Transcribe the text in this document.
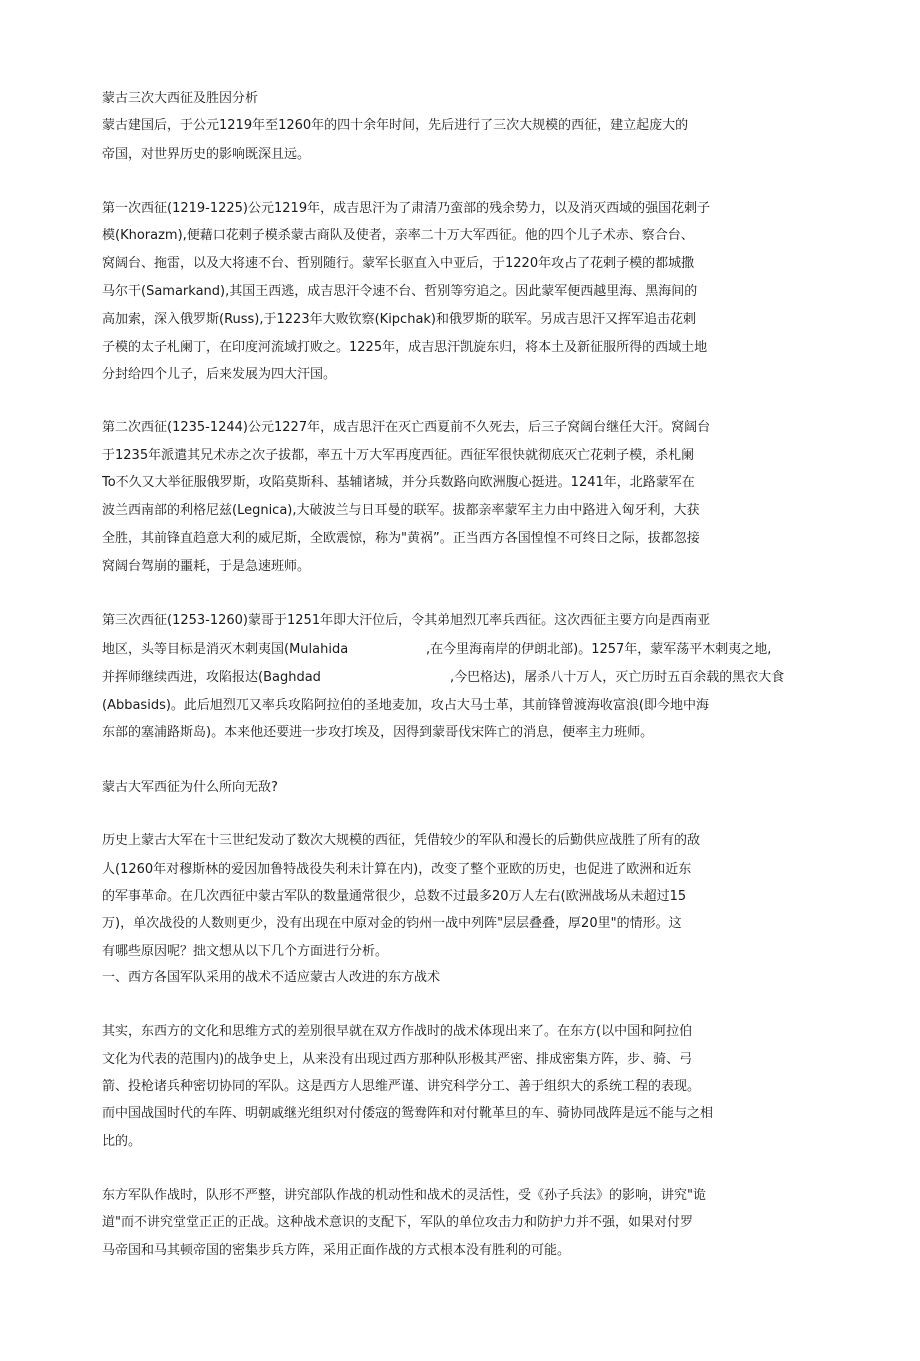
蒙古三次大西征及胜因分析
蒙古建国后，于公元1219年至1260年的四十余年时间，先后进行了三次大规模的西征，建立起庞大的
帝国，对世界历史的影响既深且远。
第一次西征(1219-1225)公元1219年，成吉思汗为了肃清乃蛮部的残余势力，以及消灭西域的强国花剌子
模(Khorazm),便藉口花剌子模杀蒙古商队及使者，亲率二十万大军西征。他的四个儿子术赤、察合台、
窝阔台、拖雷，以及大将速不台、哲别随行。蒙军长驱直入中亚后，于1220年攻占了花剌子模的都城撒
马尔干(Samarkand),其国王西逃，成吉思汗令速不台、哲别等穷追之。因此蒙军便西越里海、黑海间的
高加索，深入俄罗斯(Russ),于1223年大败钦察(Kipchak)和俄罗斯的联军。另成吉思汗又挥军追击花剌
子模的太子札阑丁，在印度河流域打败之。1225年，成吉思汗凯旋东归，将本土及新征服所得的西域土地
分封给四个儿子，后来发展为四大汗国。
第二次西征(1235-1244)公元1227年，成吉思汗在灭亡西夏前不久死去，后三子窝阔台继任大汗。窝阔台
于1235年派遣其兄术赤之次子拔都，率五十万大军再度西征。西征军很快就彻底灭亡花剌子模，杀札阑
To不久又大举征服俄罗斯，攻陷莫斯科、基辅诸城，并分兵数路向欧洲腹心挺进。1241年，北路蒙军在
波兰西南部的利格尼兹(Legnica),大破波兰与日耳曼的联军。拔都亲率蒙军主力由中路进入匈牙利，大获
全胜，其前锋直趋意大利的威尼斯，全欧震惊，称为"黄祸”。正当西方各国惶惶不可终日之际，拔都忽接
窝阔台驾崩的噩耗，于是急速班师。
第三次西征(1253-1260)蒙哥于1251年即大汗位后，令其弟旭烈兀率兵西征。这次西征主要方向是西南亚
地区，头等目标是消灭木剌夷国(Mulahida	,在今里海南岸的伊朗北部)。1257年，蒙军荡平木剌夷之地,
并挥师继续西进，攻陷报达(Baghdad	,今巴格达)，屠杀八十万人，灭亡历时五百余载的黑衣大食
(Abbasids)。此后旭烈兀又率兵攻陷阿拉伯的圣地麦加，攻占大马士革，其前锋曾渡海收富浪(即今地中海
东部的塞浦路斯岛)。本来他还要进一步攻打埃及，因得到蒙哥伐宋阵亡的消息，便率主力班师。
蒙古大军西征为什么所向无敌?
历史上蒙古大军在十三世纪发动了数次大规模的西征，凭借较少的军队和漫长的后勤供应战胜了所有的敌
人(1260年对穆斯林的爱因加鲁特战役失利未计算在内)，改变了整个亚欧的历史，也促进了欧洲和近东
的军事革命。在几次西征中蒙古军队的数量通常很少，总数不过最多20万人左右(欧洲战场从未超过15
万)，单次战役的人数则更少，没有出现在中原对金的钧州一战中列阵"层层叠叠，厚20里"的情形。这
有哪些原因呢？拙文想从以下几个方面进行分析。
一、西方各国军队采用的战术不适应蒙古人改进的东方战术
其实，东西方的文化和思维方式的差别很早就在双方作战时的战术体现出来了。在东方(以中国和阿拉伯
文化为代表的范围内)的战争史上，从来没有出现过西方那种队形极其严密、排成密集方阵，步、骑、弓
箭、投枪诸兵种密切协同的军队。这是西方人思维严谨、讲究科学分工、善于组织大的系统工程的表现。
而中国战国时代的车阵、明朝戚继光组织对付倭寇的鸳鸯阵和对付靴革旦的车、骑协同战阵是远不能与之相
比的。
东方军队作战时，队形不严整，讲究部队作战的机动性和战术的灵活性，受《孙子兵法》的影响，讲究"诡
道"而不讲究堂堂正正的正战。这种战术意识的支配下，军队的单位攻击力和防护力并不强，如果对付罗
马帝国和马其顿帝国的密集步兵方阵，采用正面作战的方式根本没有胜利的可能。
